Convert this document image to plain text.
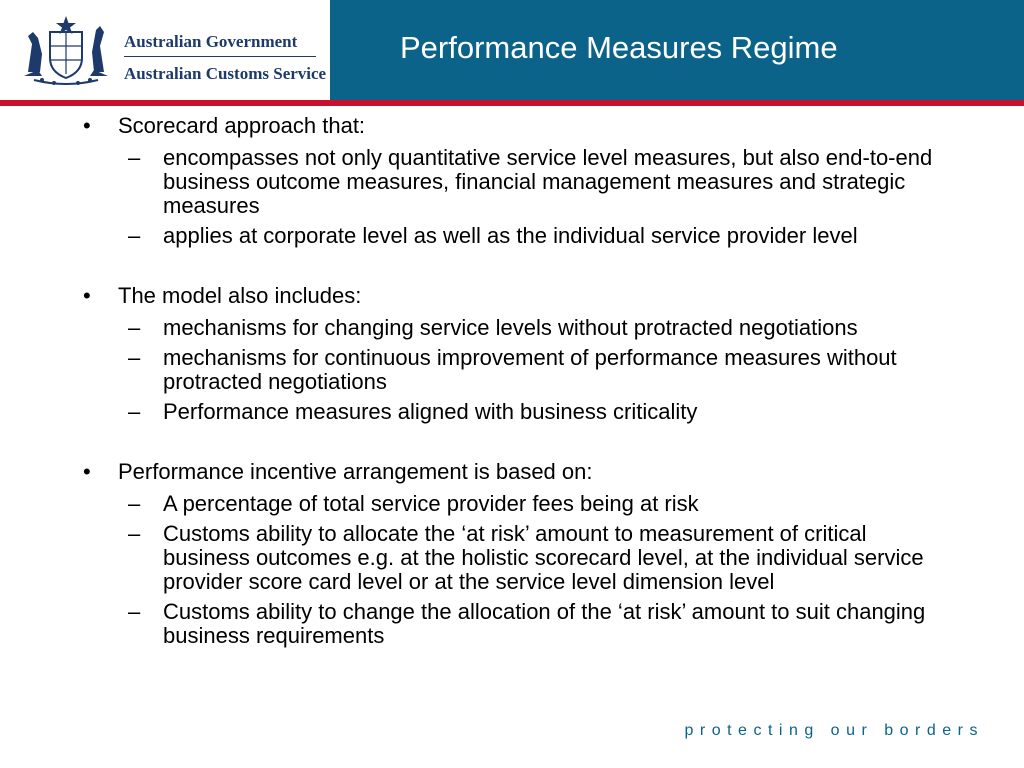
Australian Government
Australian Customs Service
Performance Measures Regime
• Scorecard approach that:
– encompasses not only quantitative service level measures, but also end-to-end business outcome measures, financial management measures and strategic measures
– applies at corporate level as well as the individual service provider level
• The model also includes:
– mechanisms for changing service levels without protracted negotiations
– mechanisms for continuous improvement of performance measures without protracted negotiations
– Performance measures aligned with business criticality
• Performance incentive arrangement is based on:
– A percentage of total service provider fees being at risk
– Customs ability to allocate the ‘at risk’ amount to measurement of critical business outcomes e.g. at the holistic scorecard level, at the individual service provider score card level or at the service level dimension level
– Customs ability to change the allocation of the ‘at risk’ amount to suit changing business requirements
protecting our borders
